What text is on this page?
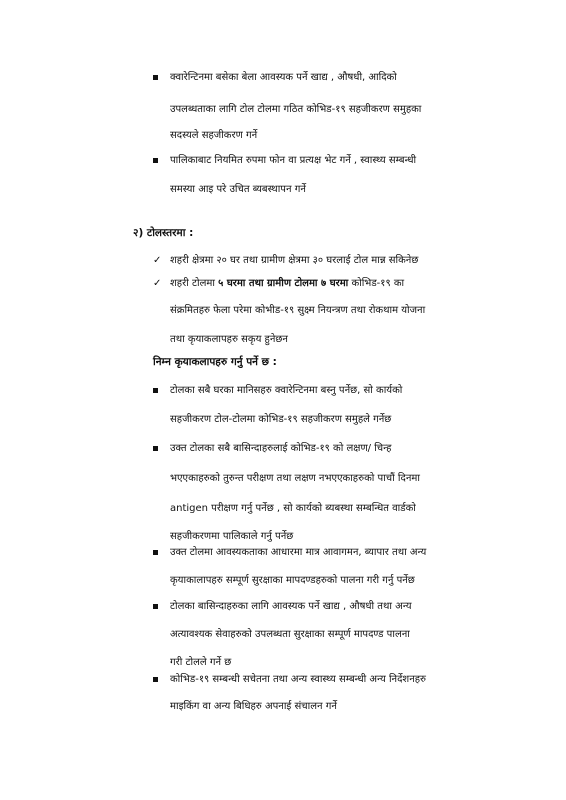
क्वारेन्टिनमा बसेका बेला आवस्यक पर्ने खाद्य , औषधी, आदिको
उपलब्धताका लागि टोल टोलमा गठित कोभिड-१९ सहजीकरण समुहका
सदस्यले सहजीकरण गर्ने
पालिकाबाट नियमित रुपमा फोन वा प्रत्यक्ष भेट गर्ने , स्वास्थ्य सम्बन्धी
समस्या आइ परे उचित ब्यबस्थापन गर्ने
२) टोलस्तरमा :
✓ शहरी क्षेत्रमा २० घर तथा ग्रामीण क्षेत्रमा ३० घरलाई टोल मान्न सकिनेछ
✓ शहरी टोलमा ५ घरमा तथा ग्रामीण टोलमा ७ घरमा कोभिड-१९ का
संक्रमितहरु फेला परेमा कोभीड-१९ सुक्ष्म नियन्त्रण तथा रोकथाम योजना
तथा कृयाकलापहरु सकृय हुनेछन
निम्न कृयाकलापहरु गर्नु पर्ने छ :
टोलका सबै घरका मानिसहरु क्वारेन्टिनमा बस्नु पर्नेछ, सो कार्यको
सहजीकरण टोल-टोलमा कोभिड-१९ सहजीकरण समुहले गर्नेछ
उक्त टोलका सबै बासिन्दाहरुलाई कोभिड-१९ को लक्षण/ चिन्ह
भएएकाहरुको तुरुन्त परीक्षण तथा लक्षण नभएएकाहरुको पाचौं दिनमा
antigen परीक्षण गर्नु पर्नेछ , सो कार्यको ब्यबस्था सम्बन्धित वार्डको
सहजीकरणमा पालिकाले गर्नु पर्नेछ
उक्त टोलमा आवस्यकताका आधारमा मात्र आवागमन, ब्यापार तथा अन्य
कृयाकालापहरु सम्पूर्ण सुरक्षाका मापदण्डहरुको पालना गरी गर्नु पर्नेछ
टोलका बासिन्दाहरुका लागि आवस्यक पर्ने खाद्य , औषधी तथा अन्य
अत्यावश्यक सेवाहरुको उपलब्धता सुरक्षाका सम्पूर्ण मापदण्ड पालना
गरी टोलले गर्ने छ
कोभिड-१९ सम्बन्धी सचेतना तथा अन्य स्वास्थ्य सम्बन्धी अन्य निर्देशनहरु
माइकिंग वा अन्य बिधिहरु अपनाई संचालन गर्ने
